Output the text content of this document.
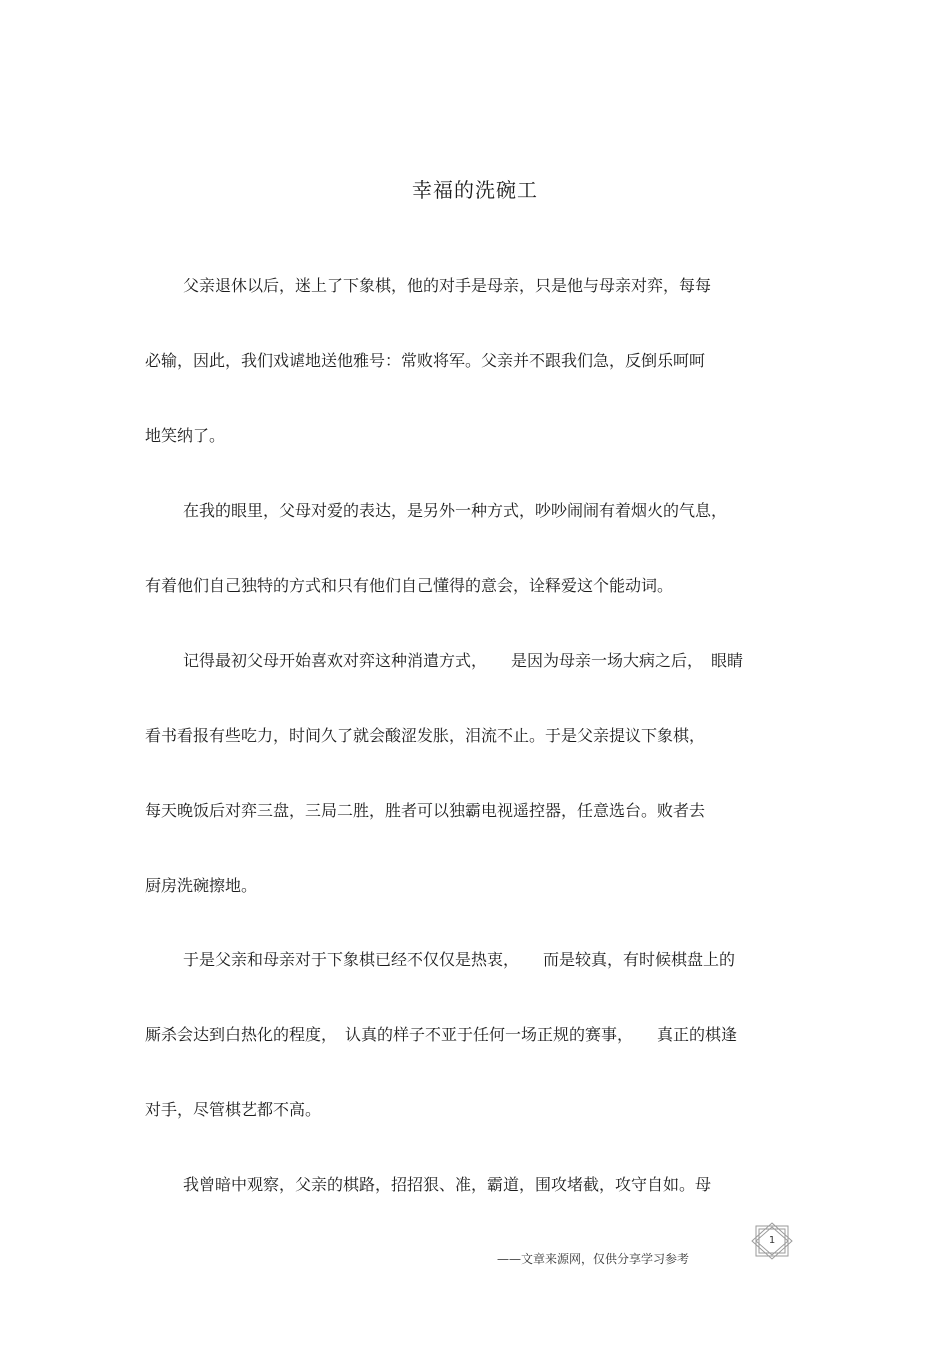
幸福的洗碗工
父亲退休以后，迷上了下象棋，他的对手是母亲，只是他与母亲对弈，每每
必输，因此，我们戏谑地送他雅号：常败将军。父亲并不跟我们急，反倒乐呵呵
地笑纳了。
在我的眼里，父母对爱的表达，是另外一种方式，吵吵闹闹有着烟火的气息，
有着他们自己独特的方式和只有他们自己懂得的意会，诠释爱这个能动词。
记得最初父母开始喜欢对弈这种消遣方式，　　是因为母亲一场大病之后，　眼睛
看书看报有些吃力，时间久了就会酸涩发胀，泪流不止。于是父亲提议下象棋，
每天晚饭后对弈三盘，三局二胜，胜者可以独霸电视遥控器，任意选台。败者去
厨房洗碗擦地。
于是父亲和母亲对于下象棋已经不仅仅是热衷，　　而是较真，有时候棋盘上的
厮杀会达到白热化的程度，　认真的样子不亚于任何一场正规的赛事，　　真正的棋逢
对手，尽管棋艺都不高。
我曾暗中观察，父亲的棋路，招招狠、准，霸道，围攻堵截，攻守自如。母
1
——文章来源网，仅供分享学习参考
